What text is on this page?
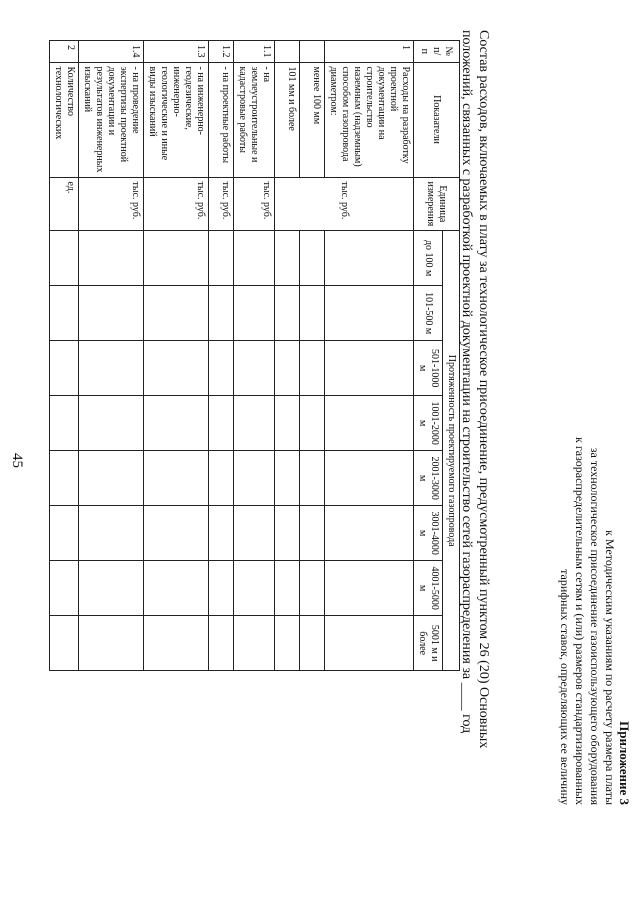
45
Приложение 3
к Методическим указаниям по расчету размера платы
за технологическое присоединение газоиспользующего оборудования
к газораспределительным сетям и (или) размеров стандартизированных
тарифных ставок, определяющих ее величину
Состав расходов, включаемых в плату за технологическое присоединение, предусмотренный пунктом 26 (20) Основных
положений, связанных с разработкой проектной документации на строительство сетей газораспределения за ____ год
№ п/п	Показатели	Единица измерения	Протяженность проектируемого газопровода							
			до 100 м	101-500 м	501-1000 м	1001-2000 м	2001-3000 м	3001-4000 м	4001-5000 м	5001 м и более
1	Расходы на разработку проектной документации на строительство наземным (надземным) способом газопровода диаметром:	тыс. руб.								
	менее 100 мм									
	101 мм и более									
1.1	- на землеустроительные и кадастровые работы	тыс. руб.								
1.2	- на проектные работы	тыс. руб.								
1.3	- на инженерно-геодезические, инженерно-геологические и иные виды изысканий	тыс. руб.								
1.4	- на проведение экспертизы проектной документации и результатов инженерных изысканий	тыс. руб.								
2	Количество технологических	ед.								
